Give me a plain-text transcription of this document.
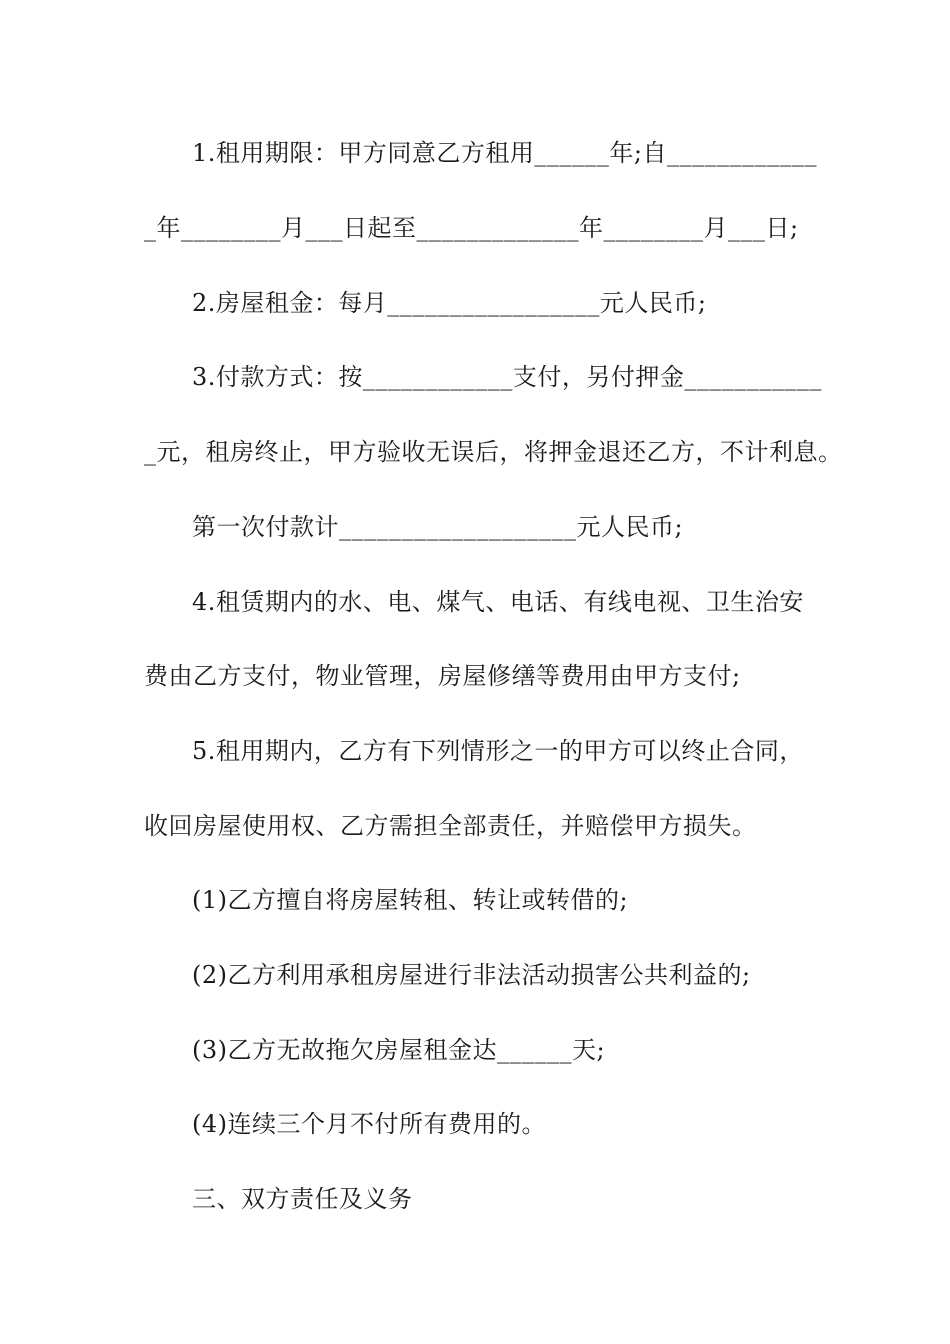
1.租用期限：甲方同意乙方租用______年;自____________
_年________月___日起至_____________年________月___日;
2.房屋租金：每月_________________元人民币;
3.付款方式：按____________支付，另付押金___________
_元，租房终止，甲方验收无误后，将押金退还乙方，不计利息。
第一次付款计___________________元人民币;
4.租赁期内的水、电、煤气、电话、有线电视、卫生治安
费由乙方支付，物业管理，房屋修缮等费用由甲方支付;
5.租用期内，乙方有下列情形之一的甲方可以终止合同，
收回房屋使用权、乙方需担全部责任，并赔偿甲方损失。
(1)乙方擅自将房屋转租、转让或转借的;
(2)乙方利用承租房屋进行非法活动损害公共利益的;
(3)乙方无故拖欠房屋租金达______天;
(4)连续三个月不付所有费用的。
三、双方责任及义务
